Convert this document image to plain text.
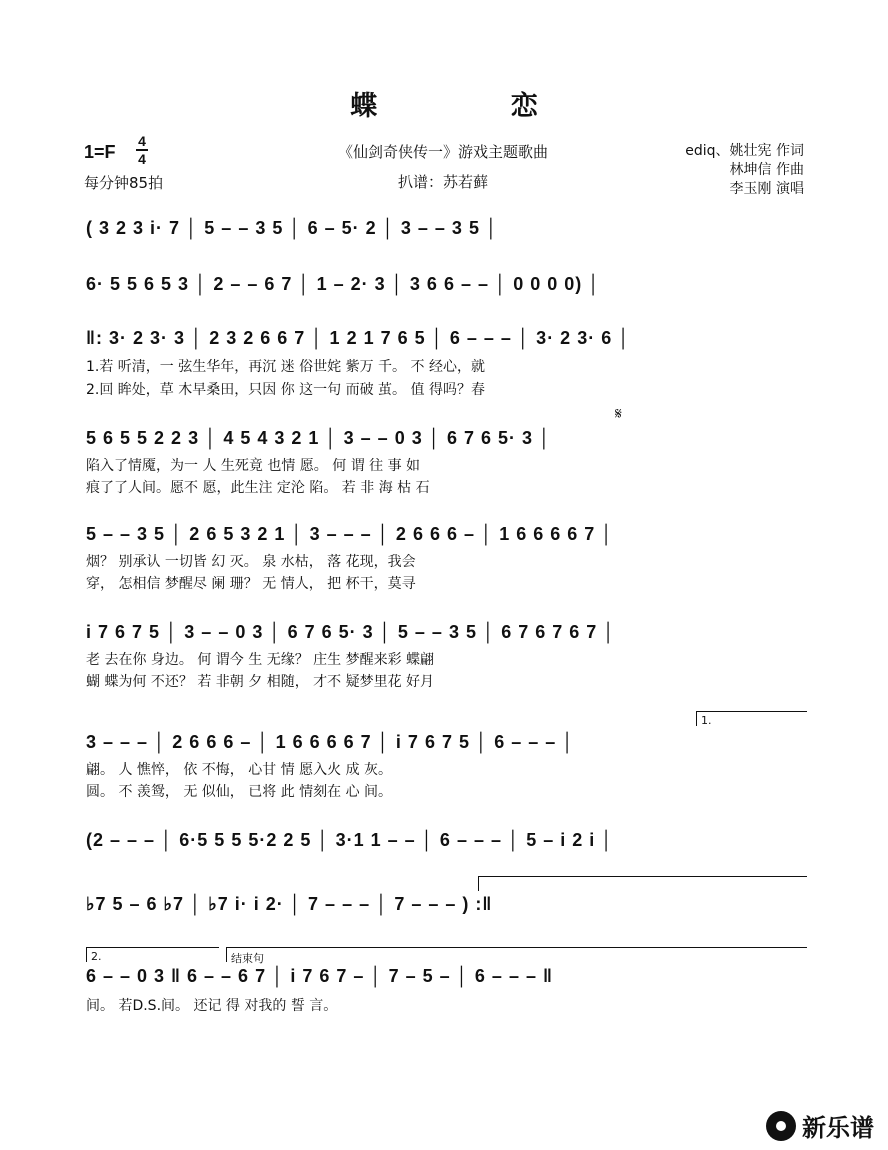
蝶 恋
1=F
4
4
每分钟85拍
《仙剑奇侠传一》游戏主题歌曲
扒谱：苏若藓
ediq、姚壮宪 作词
林坤信 作曲
李玉刚 演唱
𝄋
( 3 2 3 i· 7 │ 5 – – 3 5 │ 6 – 5· 2 │ 3 – – 3 5 │
6· 5 5 6 5 3 │ 2 – – 6 7 │ 1 – 2· 3 │ 3 6 6 – – │ 0 0 0 0) │
‖: 3· 2 3· 3 │ 2 3 2 6 6 7 │ 1 2 1 7 6 5 │ 6 – – – │ 3· 2 3· 6 │
1.若 听清，一 弦生华年，再沉 迷 俗世姹 紫万 千。 不 经心，就
2.回 眸处，草 木早桑田，只因 你 这一句 而破 茧。 值 得吗？春
5 6 5 5 2 2 3 │ 4 5 4 3 2 1 │ 3 – – 0 3 │ 6 7 6 5· 3 │
陷入了情魇，为一 人 生死竟 也情 愿。 何 谓 往 事 如
痕了了人间。愿不 愿，此生注 定沦 陷。 若 非 海 枯 石
5 – – 3 5 │ 2 6 5 3 2 1 │ 3 – – – │ 2 6 6 6 – │ 1 6 6 6 6 7 │
烟？ 别承认 一切皆 幻 灭。 泉 水枯， 落 花现，我会
穿， 怎相信 梦醒尽 阑 珊？ 无 情人， 把 杯干，莫寻
i 7 6 7 5 │ 3 – – 0 3 │ 6 7 6 5· 3 │ 5 – – 3 5 │ 6 7 6 7 6 7 │
老 去在你 身边。 何 谓今 生 无缘？ 庄生 梦醒来彩 蝶翩
蝴 蝶为何 不还？ 若 非朝 夕 相随， 才不 疑梦里花 好月
1.
3 – – – │ 2 6 6 6 – │ 1 6 6 6 6 7 │ i 7 6 7 5 │ 6 – – – │
翩。 人 憔悴， 依 不悔， 心甘 情 愿入火 成 灰。
圆。 不 羡鸳， 无 似仙， 已将 此 情刻在 心 间。
(2 – – – │ 6·5 5 5 5·2 2 5 │ 3·1 1 – – │ 6 – – – │ 5 – i 2 i │
♭7 5 – 6 ♭7 │ ♭7 i· i 2· │ 7 – – – │ 7 – – – ) :‖
2.	结束句
6 – – 0 3 ‖ 6 – – 6 7 │ i 7 6 7 – │ 7 – 5 – │ 6 – – – ‖
间。 若D.S.间。 还记 得 对我的 誓 言。
新乐谱
